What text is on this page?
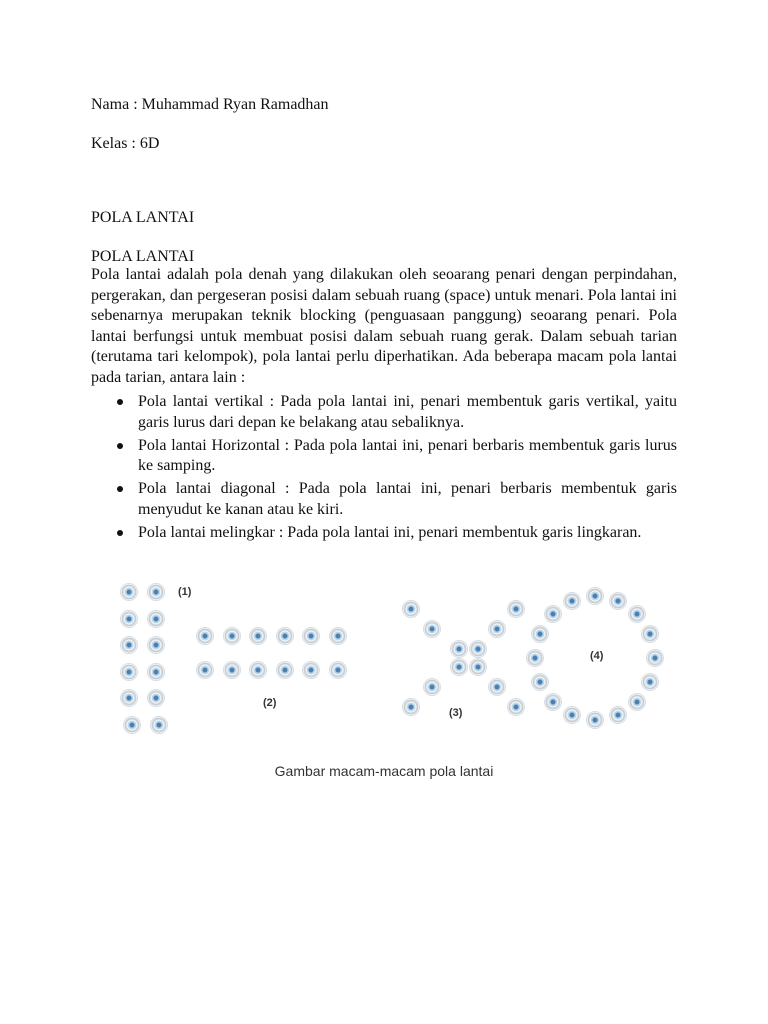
Nama : Muhammad Ryan Ramadhan
Kelas : 6D
POLA LANTAI
POLA LANTAI

Pola lantai adalah pola denah yang dilakukan oleh seoarang penari dengan perpindahan, pergerakan, dan pergeseran posisi dalam sebuah ruang (space) untuk menari. Pola lantai ini sebenarnya merupakan teknik blocking (penguasaan panggung) seoarang penari. Pola lantai berfungsi untuk membuat posisi dalam sebuah ruang gerak. Dalam sebuah tarian (terutama tari kelompok), pola lantai perlu diperhatikan. Ada beberapa macam pola lantai pada tarian, antara lain :

Pola lantai vertikal : Pada pola lantai ini, penari membentuk garis vertikal, yaitu garis lurus dari depan ke belakang atau sebaliknya.
Pola lantai Horizontal : Pada pola lantai ini, penari berbaris membentuk garis lurus ke samping.
Pola lantai diagonal : Pada pola lantai ini, penari berbaris membentuk garis menyudut ke kanan atau ke kiri.
Pola lantai melingkar : Pada pola lantai ini, penari membentuk garis lingkaran.
(1)
(2)
(3)
(4)
Gambar macam-macam pola lantai
